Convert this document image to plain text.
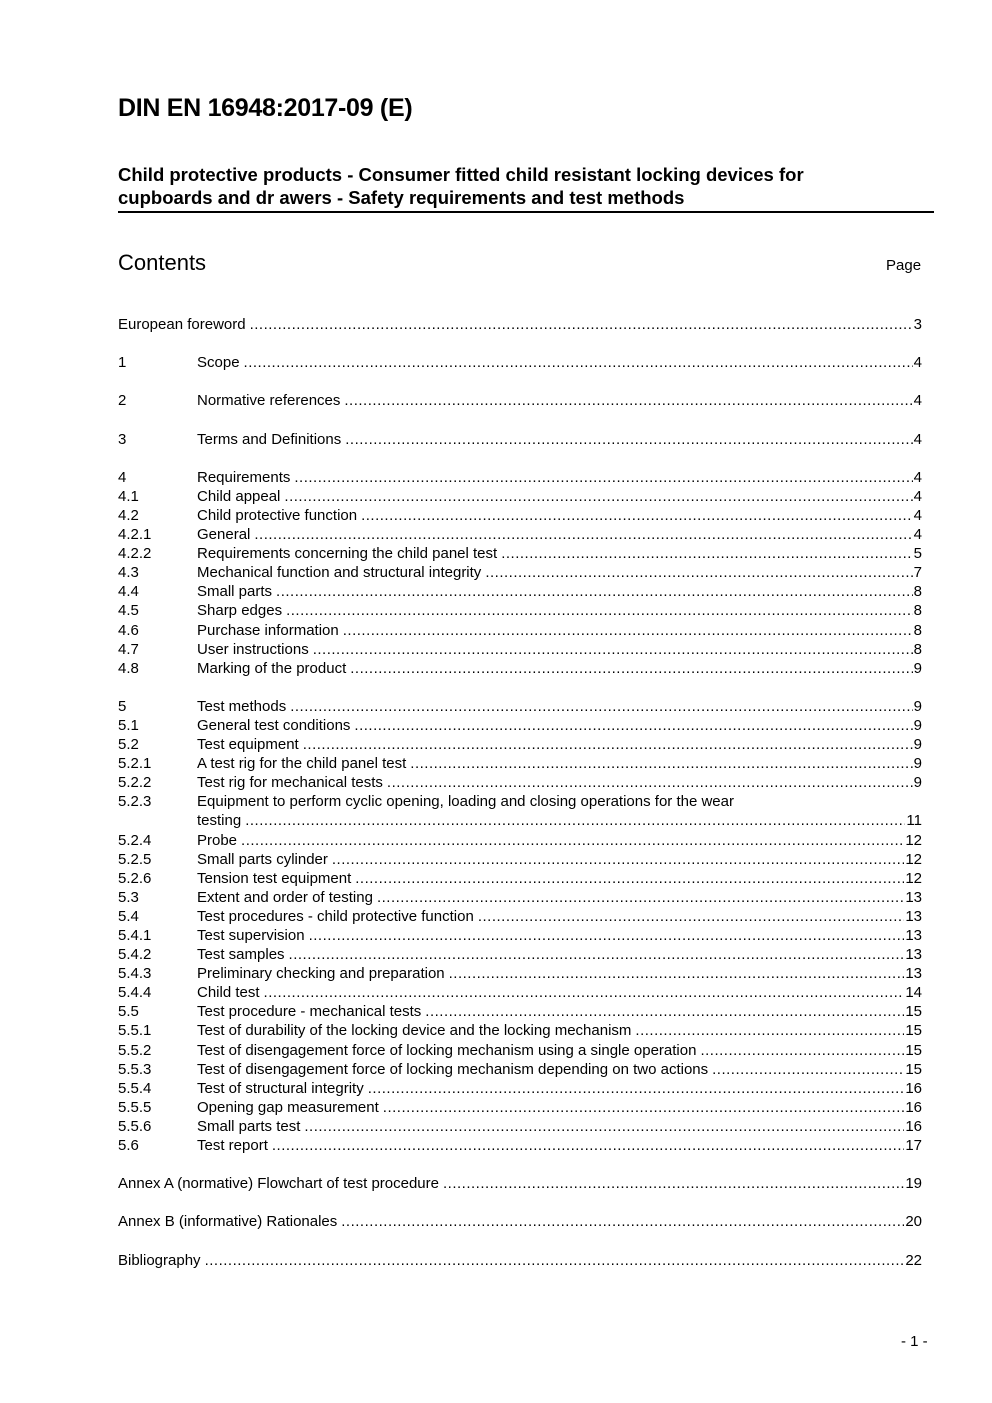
DIN EN 16948:2017-09 (E)
Child protective products - Consumer fitted child resistant locking devices for
cupboards and dr awers - Safety requirements and test methods
Contents	Page
European foreword .....	3
1	Scope .....	4
2	Normative references .....	4
3	Terms and Definitions .....	4
4	Requirements .....	4
4.1	Child appeal .....	4
4.2	Child protective function .....	4
4.2.1	General .....	4
4.2.2	Requirements concerning the child panel test .....	5
4.3	Mechanical function and structural integrity .....	7
4.4	Small parts .....	8
4.5	Sharp edges .....	8
4.6	Purchase information .....	8
4.7	User instructions .....	8
4.8	Marking of the product .....	9
5	Test methods .....	9
5.1	General test conditions .....	9
5.2	Test equipment .....	9
5.2.1	A test rig for the child panel test .....	9
5.2.2	Test rig for mechanical tests .....	9
5.2.3	Equipment to perform cyclic opening, loading and closing operations for the wear
testing .....	11
5.2.4	Probe .....	12
5.2.5	Small parts cylinder .....	12
5.2.6	Tension test equipment .....	12
5.3	Extent and order of testing .....	13
5.4	Test procedures - child protective function .....	13
5.4.1	Test supervision .....	13
5.4.2	Test samples .....	13
5.4.3	Preliminary checking and preparation .....	13
5.4.4	Child test .....	14
5.5	Test procedure - mechanical tests .....	15
5.5.1	Test of durability of the locking device and the locking mechanism .....	15
5.5.2	Test of disengagement force of locking mechanism using a single operation .....	15
5.5.3	Test of disengagement force of locking mechanism depending on two actions .....	15
5.5.4	Test of structural integrity .....	16
5.5.5	Opening gap measurement .....	16
5.5.6	Small parts test .....	16
5.6	Test report .....	17
Annex A (normative) Flowchart of test procedure .....	19
Annex B (informative) Rationales .....	20
Bibliography .....	22
- 1 -
